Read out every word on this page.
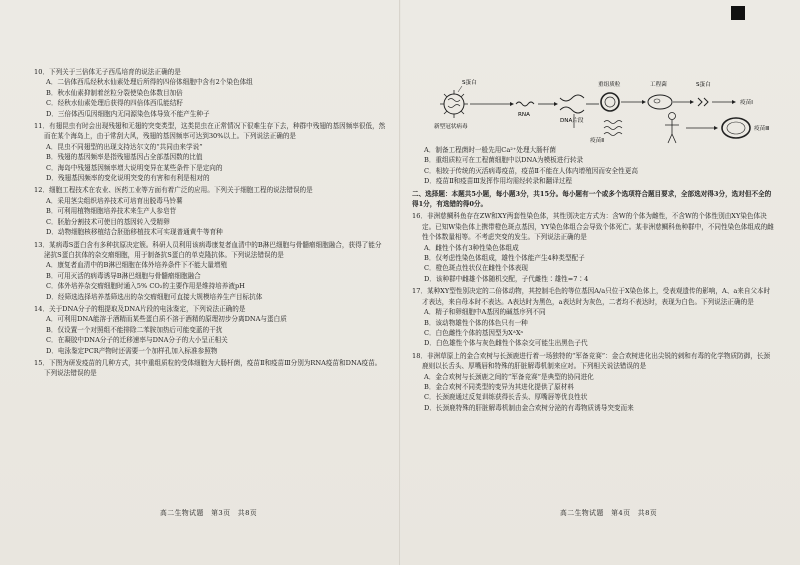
10．下列关于三倍体无子西瓜培育的说法正确的是

A．二倍体西瓜经秋水仙素处理后所得的四倍体细胞中含有2个染色体组

B．秋水仙素抑制着丝粒分裂使染色体数目加倍

C．经秋水仙素处理后获得的四倍体西瓜能结籽

D．三倍体西瓜因细胞内无同源染色体导致不能产生种子

11．有翅昆虫有时会出现残翅和无翅的突变类型，这类昆虫在正常情况下很难生存下去，种群中残翅的基因频率很低，然而在某个海岛上，由于常刮大风，残翅的基因频率可达到30%以上。下列说法正确的是

A．昆虫不同翅型的出现支持达尔文的“共同由来学说”

B．残翅的基因频率是指残翅基因占全部基因数的比值

C．海岛中残翅基因频率增大说明变异在某些条件下是定向的

D．残翅基因频率的变化说明突变的有害和有利是相对的

12．细胞工程技术在农业、医药工业等方面有着广泛的应用。下列关于细胞工程的说法错误的是

A．采用茎尖组织培养技术可培育出脱毒马铃薯

B．可利用植物细胞培养技术来生产人参皂苷

C．胚胎分割技术可使目的基因转入受精卵

D．动物细胞核移植结合胚胎移植技术可实现普通黄牛等育种

13．某病毒S蛋白含有多种抗原决定簇。科研人员利用该病毒康复者血清中的B淋巴细胞与骨髓瘤细胞融合，获得了能分泌抗S蛋白抗体的杂交瘤细胞，用于制备抗S蛋白的单克隆抗体。下列说法错误的是

A．康复者血清中的B淋巴细胞在体外培养条件下不能大量增殖

B．可用灭活的病毒诱导B淋巴细胞与骨髓瘤细胞融合

C．体外培养杂交瘤细胞时通入5% CO₂的主要作用是维持培养液pH

D．经筛选选择培养基筛选出的杂交瘤细胞可直接大规模培养生产目标抗体

14．关于DNA分子的粗提取及DNA片段的电泳鉴定，下列说法正确的是

A．可利用DNA能溶于酒精而某些蛋白质不溶于酒精的原理初步分离DNA与蛋白质

B．仅设置一个对照组不能排除二苯胺加热后可能变蓝的干扰

C．在凝胶中DNA分子的迁移速率与DNA分子的大小呈正相关

D．电泳鉴定PCR产物时还需要一个加样孔加入标准参照物

15．下图为研发疫苗的几种方式，其中重组质粒的受体细胞为大肠杆菌，疫苗Ⅱ和疫苗Ⅲ分别为RNA疫苗和DNA疫苗。下列说法错误的是

高二生物试题　第3页　共8页
S蛋白
新型冠状病毒
RNA
DNA片段
重组质粒	工程菌	S蛋白
疫苗Ⅰ
疫苗Ⅱ
疫苗Ⅲ

A．制备工程菌时一般先用Ca²⁺处理大肠杆菌

B．重组质粒可在工程菌细胞中以DNA为模板进行转录

C．相较于传统的灭活病毒疫苗，疫苗Ⅱ不能在人体内增殖因而安全性更高

D．疫苗Ⅱ和疫苗Ⅲ发挥作用均需经转录和翻译过程

二、选择题：本题共5小题，每小题3分，共15分。每小题有一个或多个选项符合题目要求，全部选对得3分，选对但不全的得1分，有选错的得0分。

16．非洲慈鲷科鱼存在ZW和XY两套性染色体，其性别决定方式为：含W的个体为雌性，不含W的个体性别由XY染色体决定。已知W染色体上携带橙色斑点基因，YY染色体组合会导致个体死亡。某非洲慈鲷科鱼种群中，不同性染色体组成的雌性个体数量相等。不考虑突变的发生。下列说法正确的是

A．雌性个体有3种性染色体组成

B．仅考虑性染色体组成，雄性个体能产生4种类型配子

C．橙色斑点性状仅在雌性个体表现

D．该种群中雌雄个体随机交配，子代雌性∶雄性=7∶4

17．某种XY型性别决定的二倍体动物，其控制毛色的等位基因A/a只位于X染色体上，受表观遗传的影响，A、a来自父本时才表达，来自母本时不表达。A表达时为黑色，a表达时为灰色，二者均不表达时，表现为白色。下列说法正确的是

A．精子和卵细胞中A基因的碱基序列不同

B．该动物雄性个体的体色只有一种

C．白色雌性个体的基因型为XᴬXᵃ

D．白色雄性个体与灰色雌性个体杂交可能生出黑色子代

18．非洲草原上的金合欢树与长颈鹿进行着一场独特的“军备竞赛”：金合欢树进化出尖锐的刺和有毒的化学物质防御，长颈鹿则以长舌头、厚嘴唇和特殊的肝脏解毒机制来应对。下列相关说法错误的是

A．金合欢树与长颈鹿之间的“军备竞赛”是典型的协同进化

B．金合欢树不同类型的变异为其进化提供了原材料

C．长颈鹿通过反复训练获得长舌头、厚嘴唇等优良性状

D．长颈鹿特殊的肝脏解毒机制由金合欢树分泌的有毒物质诱导突变而来

高二生物试题　第4页　共8页
